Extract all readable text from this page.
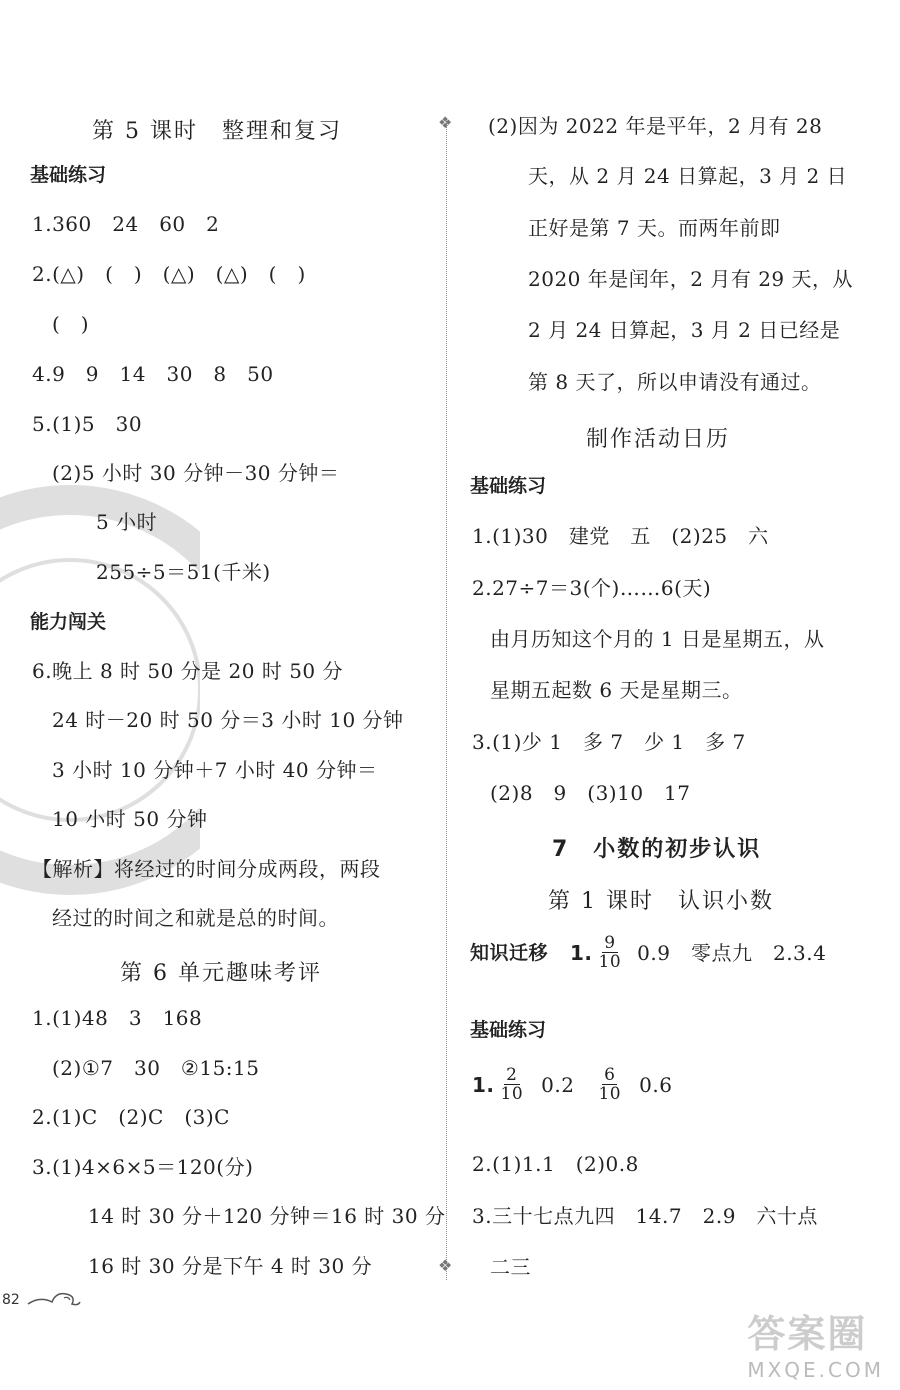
❖
❖
第 5 课时　整理和复习
基础练习
1.360　24　60　2
2.(△)　(　)　(△)　(△)　(　)
(　)
4.9　9　14　30　8　50
5.(1)5　30
(2)5 小时 30 分钟－30 分钟＝
5 小时
255÷5＝51(千米)
能力闯关
6.晚上 8 时 50 分是 20 时 50 分
24 时－20 时 50 分＝3 小时 10 分钟
3 小时 10 分钟＋7 小时 40 分钟＝
10 小时 50 分钟
【解析】将经过的时间分成两段，两段
经过的时间之和就是总的时间。
第 6 单元趣味考评
1.(1)48　3　168
(2)①7　30　②15:15
2.(1)C　(2)C　(3)C
3.(1)4×6×5＝120(分)
14 时 30 分＋120 分钟＝16 时 30 分
16 时 30 分是下午 4 时 30 分
82
(2)因为 2022 年是平年，2 月有 28
天，从 2 月 24 日算起，3 月 2 日
正好是第 7 天。而两年前即
2020 年是闰年，2 月有 29 天，从
2 月 24 日算起，3 月 2 日已经是
第 8 天了，所以申请没有通过。
制作活动日历
基础练习
1.(1)30　建党　五　(2)25　六
2.27÷7＝3(个)……6(天)
由月历知这个月的 1 日是星期五，从
星期五起数 6 天是星期三。
3.(1)少 1　多 7　少 1　多 7
(2)8　9　(3)10　17
7　小数的初步认识
第 1 课时　认识小数
知识迁移 1. $\frac{9}{10} 0.9$　零点九　2.3.4
基础练习
1. $\frac{2}{10} 0.2 \frac{6}{10} 0.6$
2.(1)1.1　(2)0.8
3.三十七点九四　14.7　2.9　六十点
二三
答案圈
MXQE.COM
